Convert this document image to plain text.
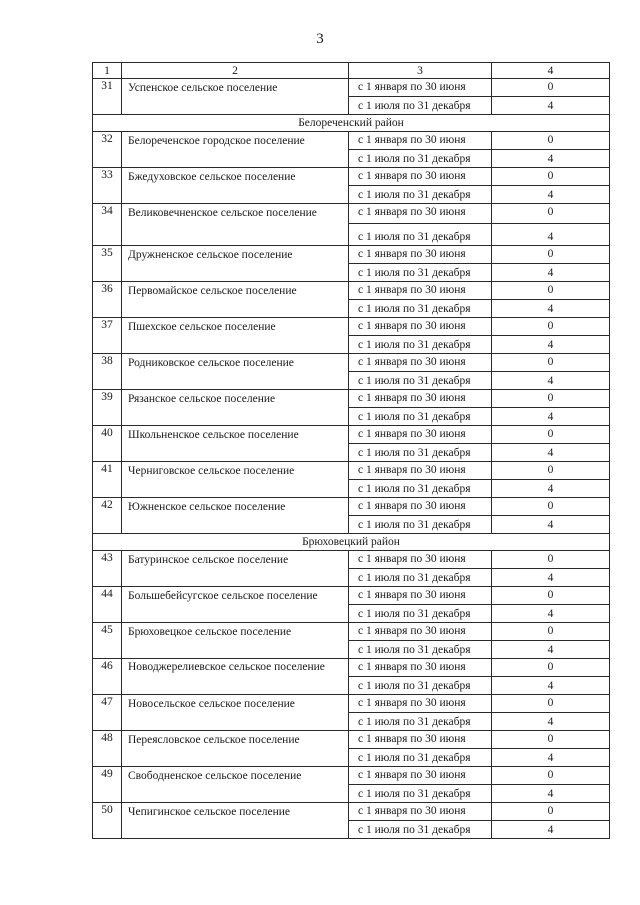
3
1	2	3	4
31	Успенское сельское поселение	с 1 января по 30 июня	0
		с 1 июля по 31 декабря	4
Белореченский район			
32	Белореченское городское поселение	с 1 января по 30 июня	0
		с 1 июля по 31 декабря	4
33	Бжедуховское сельское поселение	с 1 января по 30 июня	0
		с 1 июля по 31 декабря	4
34	Великовечненское сельское поселение	с 1 января по 30 июня	0
		с 1 июля по 31 декабря	4
35	Дружненское сельское поселение	с 1 января по 30 июня	0
		с 1 июля по 31 декабря	4
36	Первомайское сельское поселение	с 1 января по 30 июня	0
		с 1 июля по 31 декабря	4
37	Пшехское сельское поселение	с 1 января по 30 июня	0
		с 1 июля по 31 декабря	4
38	Родниковское сельское поселение	с 1 января по 30 июня	0
		с 1 июля по 31 декабря	4
39	Рязанское сельское поселение	с 1 января по 30 июня	0
		с 1 июля по 31 декабря	4
40	Школьненское сельское поселение	с 1 января по 30 июня	0
		с 1 июля по 31 декабря	4
41	Черниговское сельское поселение	с 1 января по 30 июня	0
		с 1 июля по 31 декабря	4
42	Южненское сельское поселение	с 1 января по 30 июня	0
		с 1 июля по 31 декабря	4
Брюховецкий район			
43	Батуринское сельское поселение	с 1 января по 30 июня	0
		с 1 июля по 31 декабря	4
44	Большебейсугское сельское поселение	с 1 января по 30 июня	0
		с 1 июля по 31 декабря	4
45	Брюховецкое сельское поселение	с 1 января по 30 июня	0
		с 1 июля по 31 декабря	4
46	Новоджерелиевское сельское поселение	с 1 января по 30 июня	0
		с 1 июля по 31 декабря	4
47	Новосельское сельское поселение	с 1 января по 30 июня	0
		с 1 июля по 31 декабря	4
48	Переясловское сельское поселение	с 1 января по 30 июня	0
		с 1 июля по 31 декабря	4
49	Свободненское сельское поселение	с 1 января по 30 июня	0
		с 1 июля по 31 декабря	4
50	Чепигинское сельское поселение	с 1 января по 30 июня	0
		с 1 июля по 31 декабря	4
